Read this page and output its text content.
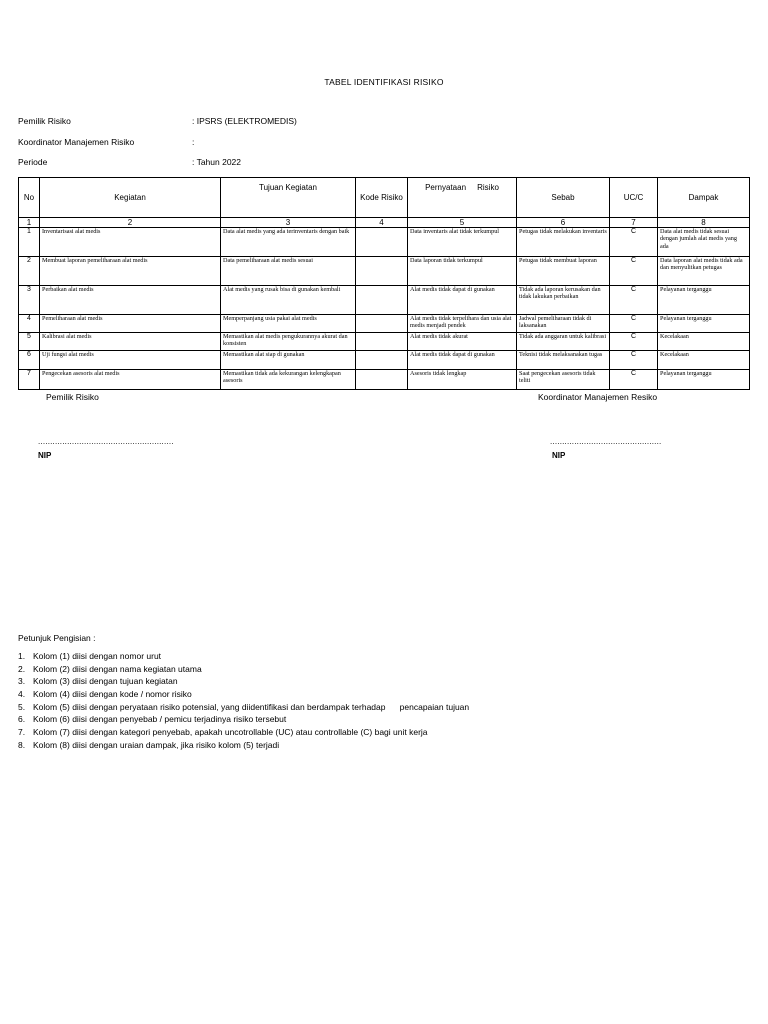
TABEL IDENTIFIKASI RISIKO
Pemilik Risiko	: IPSRS (ELEKTROMEDIS)
Koordinator Manajemen Risiko	:
Periode	: Tahun 2022
No	Kegiatan	Tujuan Kegiatan	Kode Risiko	Pernyataan     Risiko	Sebab	UC/C	Dampak
1	2	3	4	5	6	7	8
1	Inventarisasi alat medis	Data alat medis yang ada terinventaris dengan baik		Data inventaris alat tidak terkumpul	Petugas tidak melakukan inventaris	C	Data alat medis tidak sesuai dengan jumlah alat medis yang ada
2	Membuat laporan pemeliharaan alat medis	Data pemeliharaan alat medis sesuai		Data laporan tidak terkumpul	Petugas tidak membuat laporan	C	Data laporan alat medis tidak ada dan menyulitkan petugas
3	Perbaikan alat medis	Alat medis yang rusak bisa di gunakan kembali		Alat medis tidak dapat di gunakan	Tidak ada laporan kerusakan dan tidak lakukan perbaikan	C	Pelayanan terganggu
4	Pemeliharaan alat medis	Memperpanjang usia pakai alat medis		Alat medis tidak terpelihara dan usia alat medis menjadi pendek	Jadwal pemeliharaan tidak di laksanakan	C	Pelayanan terganggu
5	Kalibrasi alat medis	Memastikan alat medis pengukurannya akurat dan konsisten		Alat medis tidak akurat	Tidak ada anggaran untuk kalibrasi	C	Kecelakaan
6	Uji fungsi alat medis	Memastikan alat siap di gunakan		Alat medis tidak dapat di gunakan	Teknisi tidak melaksanakan tugas	C	Kecelakaan
7	Pengecekan asesoris alat medis	Memastikan tidak ada kekurangan kelengkapan asesoris		Asesoris tidak lengkap	Saat pengecekan asesoris tidak teliti	C	Pelayanan terganggu
Pemilik Risiko	Koordinator Manajemen Resiko
........................................................	..............................................
NIP	NIP
Petunjuk Pengisian :
1. Kolom (1) diisi dengan nomor urut
2. Kolom (2) diisi dengan nama kegiatan utama
3. Kolom (3) diisi dengan tujuan kegiatan
4. Kolom (4) diisi dengan kode / nomor risiko
5. Kolom (5) diisi dengan peryataan risiko potensial, yang diidentifikasi dan berdampak terhadap      pencapaian tujuan
6. Kolom (6) diisi dengan penyebab / pemicu terjadinya risiko tersebut
7. Kolom (7) diisi dengan kategori penyebab, apakah uncotrollable (UC) atau controllable (C) bagi unit kerja
8. Kolom (8) diisi dengan uraian dampak, jika risiko kolom (5) terjadi
